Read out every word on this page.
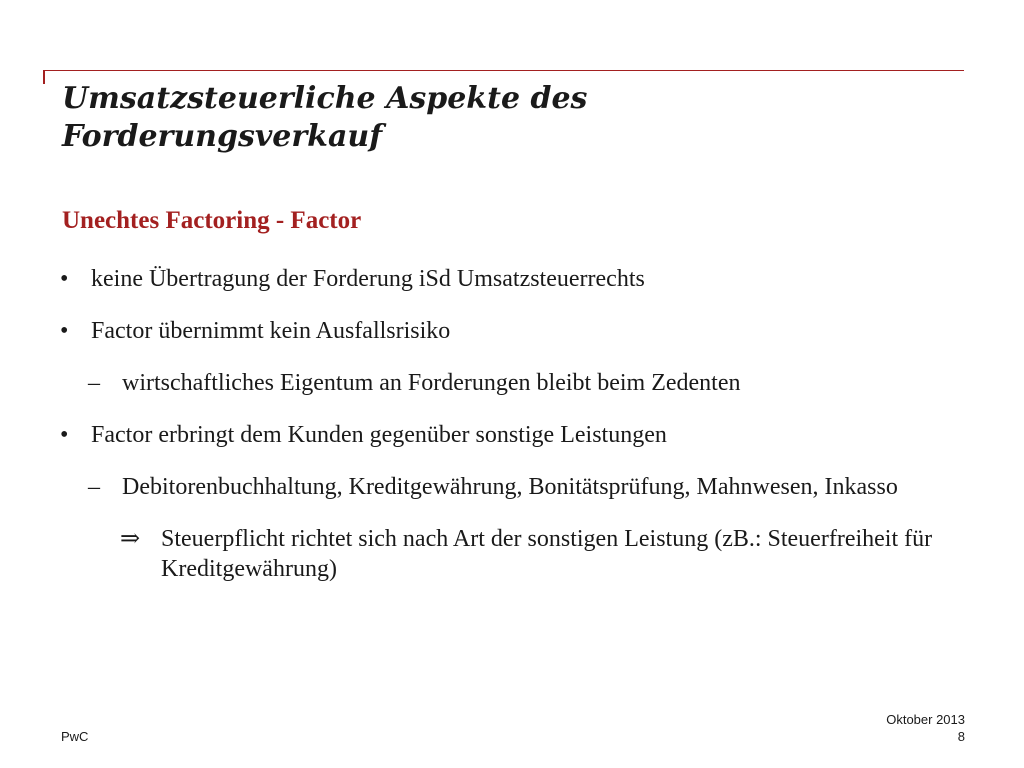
Umsatzsteuerliche Aspekte des
Forderungsverkauf
Unechtes Factoring - Factor
• keine Übertragung der Forderung iSd Umsatzsteuerrechts
• Factor übernimmt kein Ausfallsrisiko
– wirtschaftliches Eigentum an Forderungen bleibt beim Zedenten
• Factor erbringt dem Kunden gegenüber sonstige Leistungen
– Debitorenbuchhaltung, Kreditgewährung, Bonitätsprüfung, Mahnwesen, Inkasso
⇒ Steuerpflicht richtet sich nach Art der sonstigen Leistung (zB.: Steuerfreiheit für Kreditgewährung)
PwC
Oktober 2013
8
